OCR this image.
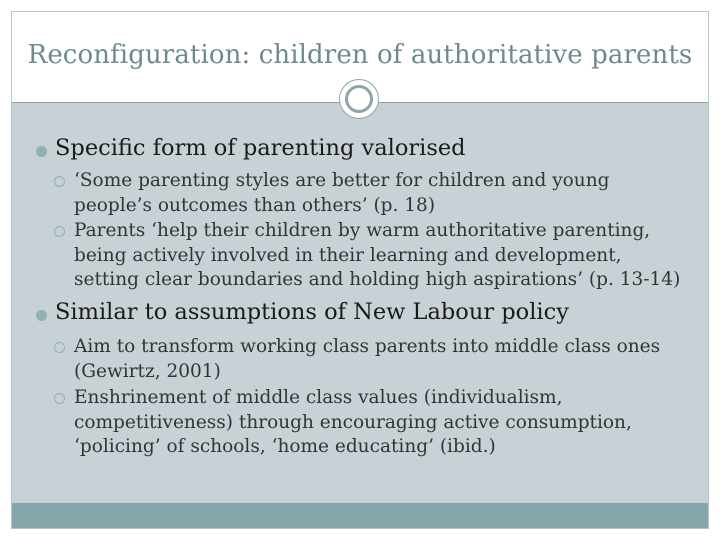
Reconfiguration: children of authoritative parents
Specific form of parenting valorised
‘Some parenting styles are better for children and young
people’s outcomes than others’ (p. 18)
Parents ‘help their children by warm authoritative parenting,
being actively involved in their learning and development,
setting clear boundaries and holding high aspirations’ (p. 13-14)
Similar to assumptions of New Labour policy
Aim to transform working class parents into middle class ones
(Gewirtz, 2001)
Enshrinement of middle class values (individualism,
competitiveness) through encouraging active consumption,
‘policing’ of schools, ‘home educating’ (ibid.)
